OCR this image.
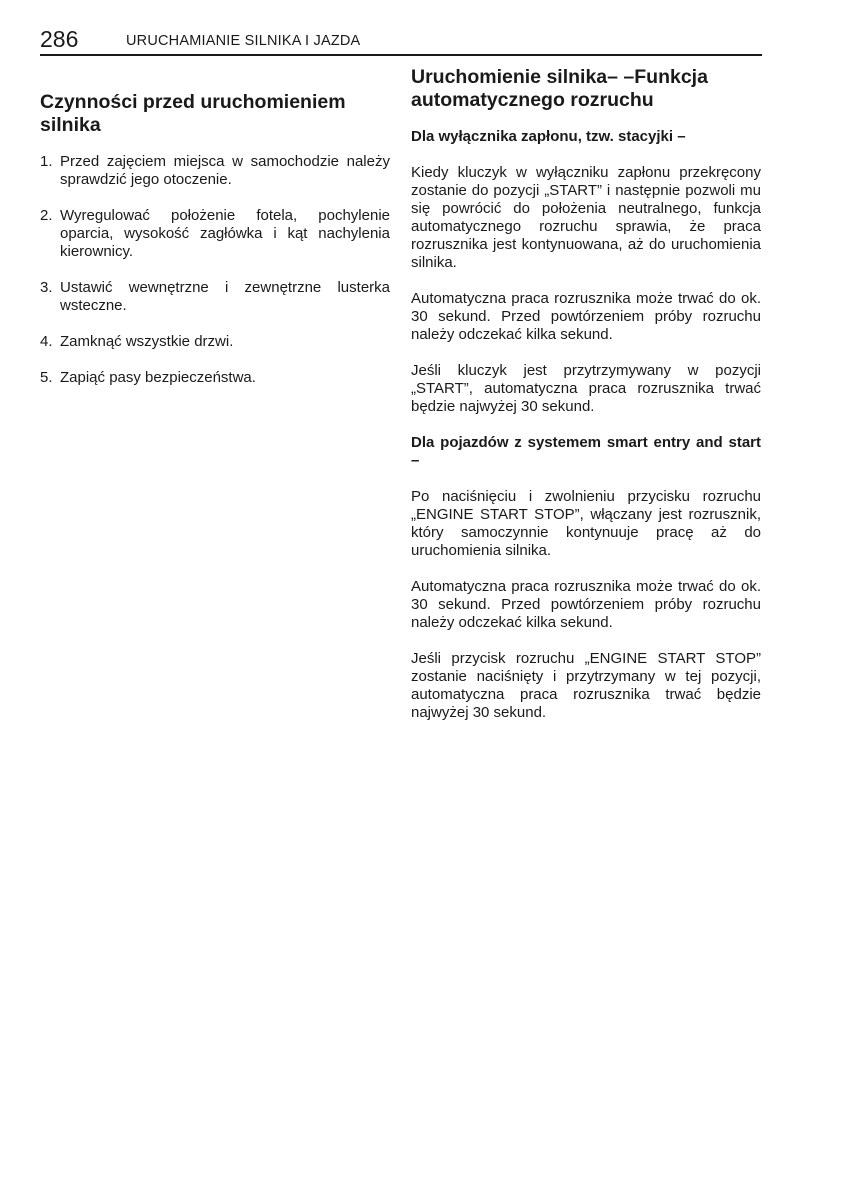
286	URUCHAMIANIE SILNIKA I JAZDA
Czynności przed uruchomieniem silnika
1. Przed zajęciem miejsca w samochodzie należy sprawdzić jego otoczenie.
2. Wyregulować położenie fotela, pochylenie oparcia, wysokość zagłówka i kąt nachylenia kierownicy.
3. Ustawić wewnętrzne i zewnętrzne lusterka wsteczne.
4. Zamknąć wszystkie drzwi.
5. Zapiąć pasy bezpieczeństwa.
Uruchomienie silnika– –Funkcja automatycznego rozruchu

Dla wyłącznika zapłonu, tzw. stacyjki –

Kiedy kluczyk w wyłączniku zapłonu przekręcony zostanie do pozycji „START” i następnie pozwoli mu się powrócić do położenia neutralnego, funkcja automatycznego rozruchu sprawia, że praca rozrusznika jest kontynuowana, aż do uruchomienia silnika.

Automatyczna praca rozrusznika może trwać do ok. 30 sekund. Przed powtórzeniem próby rozruchu należy odczekać kilka sekund.

Jeśli kluczyk jest przytrzymywany w pozycji „START”, automatyczna praca rozrusznika trwać będzie najwyżej 30 sekund.

Dla pojazdów z systemem smart entry and start –

Po naciśnięciu i zwolnieniu przycisku rozruchu „ENGINE START STOP”, włączany jest rozrusznik, który samoczynnie kontynuuje pracę aż do uruchomienia silnika.

Automatyczna praca rozrusznika może trwać do ok. 30 sekund. Przed powtórzeniem próby rozruchu należy odczekać kilka sekund.

Jeśli przycisk rozruchu „ENGINE START STOP” zostanie naciśnięty i przytrzymany w tej pozycji, automatyczna praca rozrusznika trwać będzie najwyżej 30 sekund.
